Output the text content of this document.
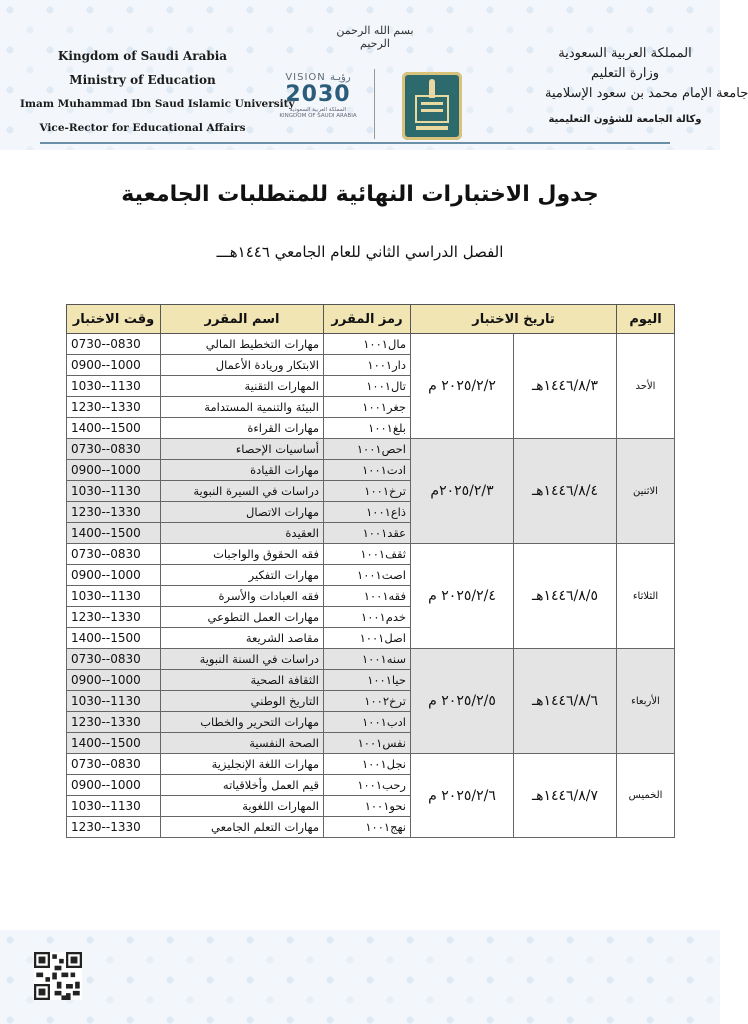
بسم الله الرحمن الرحيم
Kingdom of Saudi Arabia
Ministry of Education
Imam Muhammad Ibn Saud Islamic University
Vice-Rector for Educational Affairs
VISION رؤيـة
2030
المملكة العربية السعودية
KINGDOM OF SAUDI ARABIA
المملكة العربية السعودية
وزارة التعليم
جامعة الإمام محمد بن سعود الإسلامية
وكالة الجامعة للشؤون التعليمية
جدول الاختبارات النهائية للمتطلبات الجامعية
الفصل الدراسي الثاني للعام الجامعي ١٤٤٦هـــ
اليوم	تاريخ الاختبار		رمز المقرر	اسم المقرر	وقت الاختبار
الأحد	١٤٤٦/٨/٣هـ	٢٠٢٥/٢/٢ م	مال١٠٠١	مهارات التخطيط المالي	0730--0830
			دار١٠٠١	الابتكار وريادة الأعمال	0900--1000
			تال١٠٠١	المهارات التقنية	1030--1130
			جغر١٠٠١	البيئة والتنمية المستدامة	1230--1330
			بلغ١٠٠١	مهارات القراءة	1400--1500
الاثنين	١٤٤٦/٨/٤هـ	٢٠٢٥/٢/٣م	احص١٠٠١	أساسيات الإحصاء	0730--0830
			ادت١٠٠١	مهارات القيادة	0900--1000
			ترخ١٠٠١	دراسات في السيرة النبوية	1030--1130
			ذاع١٠٠١	مهارات الاتصال	1230--1330
			عقد١٠٠١	العقيدة	1400--1500
الثلاثاء	١٤٤٦/٨/٥هـ	٢٠٢٥/٢/٤ م	ثقف١٠٠١	فقه الحقوق والواجبات	0730--0830
			اصت١٠٠١	مهارات التفكير	0900--1000
			فقه١٠٠١	فقه العبادات والأسرة	1030--1130
			خدم١٠٠١	مهارات العمل التطوعي	1230--1330
			اصل١٠٠١	مقاصد الشريعة	1400--1500
الأربعاء	١٤٤٦/٨/٦هـ	٢٠٢٥/٢/٥ م	سنه١٠٠١	دراسات في السنة النبوية	0730--0830
			حيا١٠٠١	الثقافة الصحية	0900--1000
			ترخ١٠٠٢	التاريخ الوطني	1030--1130
			ادب١٠٠١	مهارات التحرير والخطاب	1230--1330
			نفس١٠٠١	الصحة النفسية	1400--1500
الخميس	١٤٤٦/٨/٧هـ	٢٠٢٥/٢/٦ م	نجل١٠٠١	مهارات اللغة الإنجليزية	0730--0830
			رحب١٠٠١	قيم العمل وأخلاقياته	0900--1000
			نحو١٠٠١	المهارات اللغوية	1030--1130
			نهج١٠٠١	مهارات التعلم الجامعي	1230--1330
